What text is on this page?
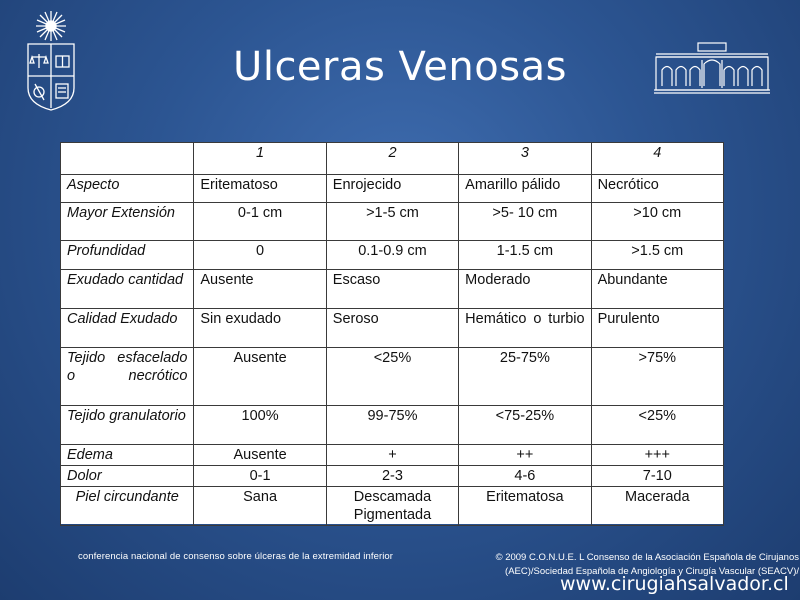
Ulceras Venosas
	1	2	3	4
Aspecto	Eritematoso	Enrojecido	Amarillo pálido	Necrótico
Mayor Extensión	0-1 cm	>1-5 cm	>5- 10 cm	>10 cm
Profundidad	0	0.1-0.9 cm	1-1.5 cm	>1.5 cm
Exudado cantidad	Ausente	Escaso	Moderado	Abundante
Calidad Exudado	Sin exudado	Seroso	Hemático o turbio	Purulento
Tejido esfacelado o necrótico	Ausente	<25%	25-75%	>75%
Tejido granulatorio	100%	99-75%	<75-25%	<25%
Edema	Ausente	+	++	+++
Dolor	0-1	2-3	4-6	7-10
Piel circundante	Sana	Descamada Pigmentada	Eritematosa	Macerada
conferencia nacional de consenso sobre úlceras de la extremidad inferior	© 2009 C.O.N.U.E. L Consenso de la Asociación Española de Cirujanos (AEC)/Sociedad Española de Angiología y Cirugía Vascular (SEACV)/
www.cirugiahsalvador.cl
